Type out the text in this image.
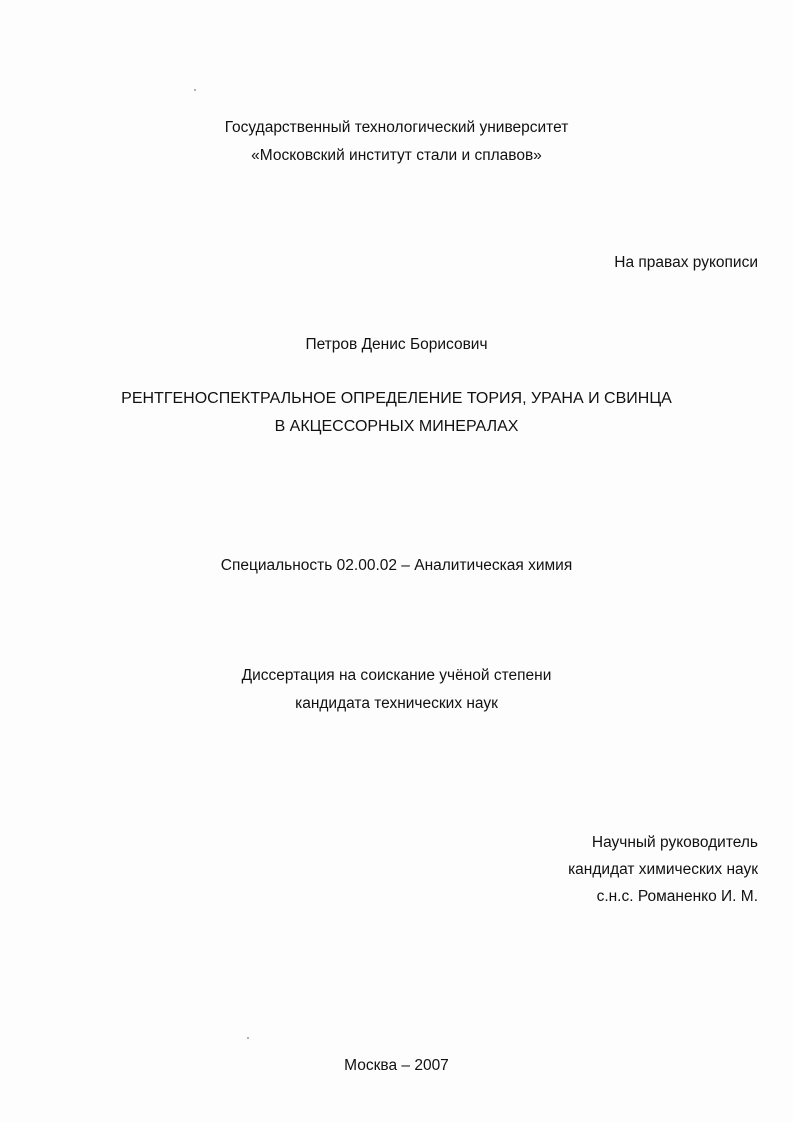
Государственный технологический университет
«Московский институт стали и сплавов»
На правах рукописи
Петров Денис Борисович
РЕНТГЕНОСПЕКТРАЛЬНОЕ ОПРЕДЕЛЕНИЕ ТОРИЯ, УРАНА И СВИНЦА
В АКЦЕССОРНЫХ МИНЕРАЛАХ
Специальность 02.00.02 – Аналитическая химия
Диссертация на соискание учёной степени
кандидата технических наук
Научный руководитель
кандидат химических наук
с.н.с. Романенко И. М.
Москва – 2007
